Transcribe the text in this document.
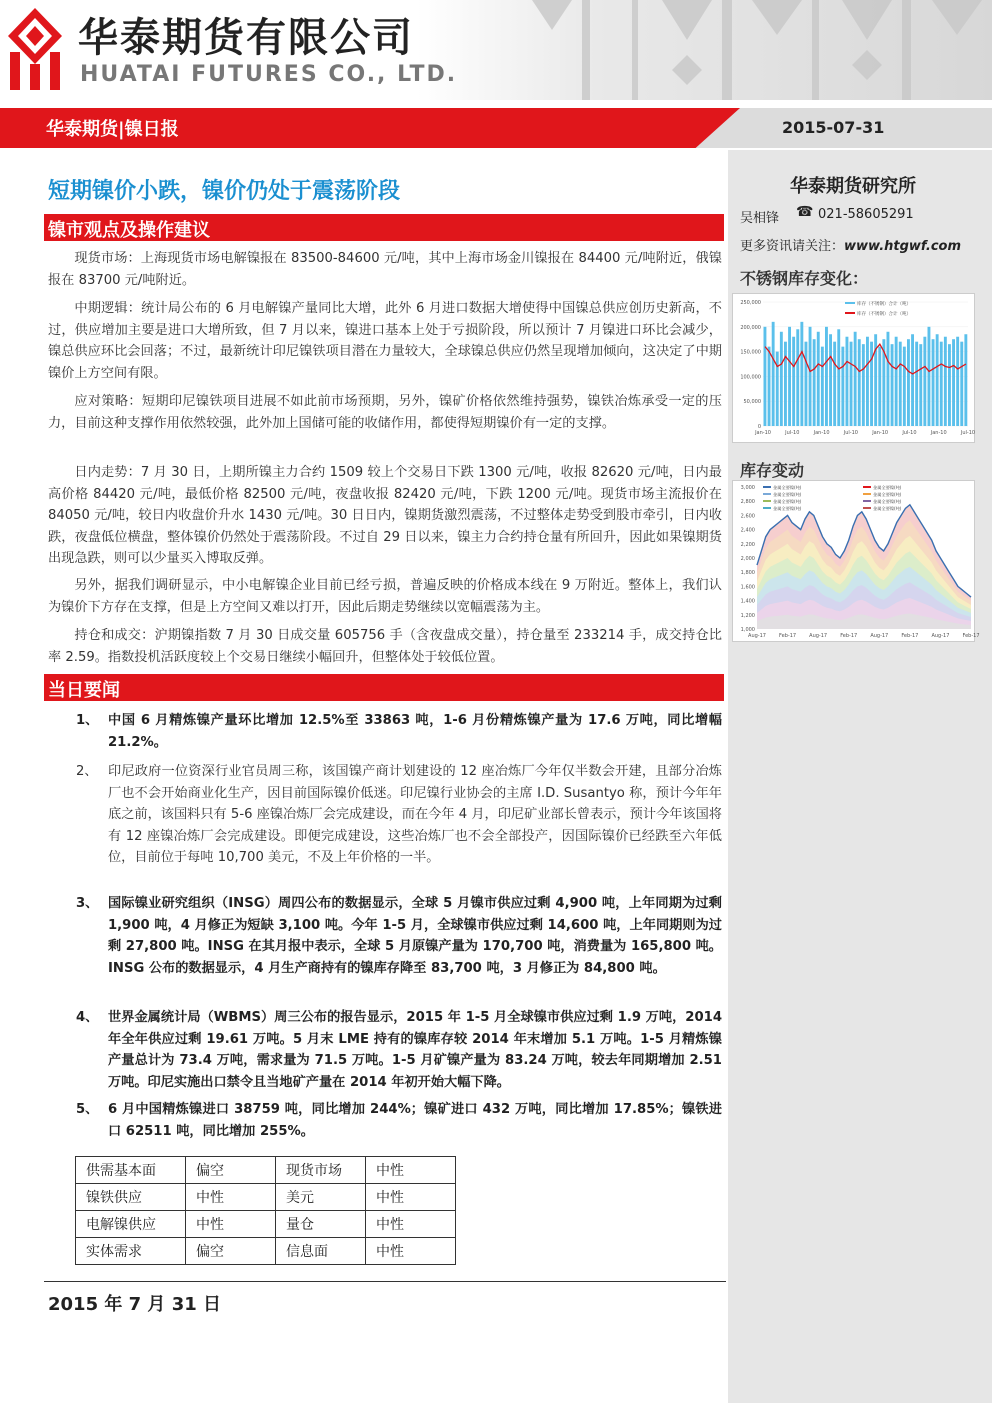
华泰期货有限公司
HUATAI FUTURES CO., LTD.
华泰期货|镍日报	2015-07-31
华泰期货研究所
吴相锋 ☎ 021-58605291
更多资讯请关注：www.htgwf.com
不锈钢库存变化：
250,000
200,000
150,000
100,000
50,000
0
Jan-10	Jul-10	Jan-10	Jul-10	Jan-10	Jul-10	Jan-10	Jul-10
库存（不锈钢）合计（吨）
库存（不锈钢）合计（吨）
库存变动
3,000
2,800
2,600
2,400
2,200
2,000
1,800
1,600
1,400
1,200
1,000
Aug-17	Feb-17	Aug-17	Feb-17	Aug-17	Feb-17	Aug-17	Feb-17
金属全要镍(吨)	金属全要镍(吨)
金属全要镍(吨)	金属全要镍(吨)
金属全要镍(吨)	金属全要镍(吨)
金属全要镍(吨)	金属全要镍(吨)
短期镍价小跌，镍价仍处于震荡阶段
镍市观点及操作建议
现货市场：上海现货市场电解镍报在 83500-84600 元/吨，其中上海市场金川镍报在 84400 元/吨附近，俄镍报在 83700 元/吨附近。
中期逻辑：统计局公布的 6 月电解镍产量同比大增，此外 6 月进口数据大增使得中国镍总供应创历史新高，不过，供应增加主要是进口大增所致，但 7 月以来，镍进口基本上处于亏损阶段，所以预计 7 月镍进口环比会减少，镍总供应环比会回落；不过，最新统计印尼镍铁项目潜在力量较大，全球镍总供应仍然呈现增加倾向，这决定了中期镍价上方空间有限。
应对策略：短期印尼镍铁项目进展不如此前市场预期，另外，镍矿价格依然维持强势，镍铁冶炼承受一定的压力，目前这种支撑作用依然较强，此外加上国储可能的收储作用，都使得短期镍价有一定的支撑。
日内走势：7 月 30 日，上期所镍主力合约 1509 较上个交易日下跌 1300 元/吨，收报 82620 元/吨，日内最高价格 84420 元/吨，最低价格 82500 元/吨，夜盘收报 82420 元/吨，下跌 1200 元/吨。现货市场主流报价在 84050 元/吨，较日内收盘价升水 1430 元/吨。30 日日内，镍期货激烈震荡，不过整体走势受到股市牵引，日内收跌，夜盘低位横盘，整体镍价仍然处于震荡阶段。不过自 29 日以来，镍主力合约持仓量有所回升，因此如果镍期货出现急跌，则可以少量买入博取反弹。
另外，据我们调研显示，中小电解镍企业目前已经亏损，普遍反映的价格成本线在 9 万附近。整体上，我们认为镍价下方存在支撑，但是上方空间又难以打开，因此后期走势继续以宽幅震荡为主。
持仓和成交：沪期镍指数 7 月 30 日成交量 605756 手（含夜盘成交量），持仓量至 233214 手，成交持仓比率 2.59。指数投机活跃度较上个交易日继续小幅回升，但整体处于较低位置。
当日要闻
1、 中国 6 月精炼镍产量环比增加 12.5%至 33863 吨，1-6 月份精炼镍产量为 17.6 万吨，同比增幅 21.2%。
2、 印尼政府一位资深行业官员周三称，该国镍产商计划建设的 12 座冶炼厂今年仅半数会开建，且部分冶炼厂也不会开始商业化生产，因目前国际镍价低迷。印尼镍行业协会的主席 I.D. Susantyo 称，预计今年年底之前，该国料只有 5-6 座镍冶炼厂会完成建设，而在今年 4 月，印尼矿业部长曾表示，预计今年该国将有 12 座镍冶炼厂会完成建设。即便完成建设，这些冶炼厂也不会全部投产，因国际镍价已经跌至六年低位，目前位于每吨 10,700 美元，不及上年价格的一半。
3、 国际镍业研究组织（INSG）周四公布的数据显示，全球 5 月镍市供应过剩 4,900 吨，上年同期为过剩 1,900 吨，4 月修正为短缺 3,100 吨。今年 1-5 月，全球镍市供应过剩 14,600 吨，上年同期则为过剩 27,800 吨。INSG 在其月报中表示，全球 5 月原镍产量为 170,700 吨，消费量为 165,800 吨。INSG 公布的数据显示，4 月生产商持有的镍库存降至 83,700 吨，3 月修正为 84,800 吨。
4、 世界金属统计局（WBMS）周三公布的报告显示，2015 年 1-5 月全球镍市供应过剩 1.9 万吨，2014 年全年供应过剩 19.61 万吨。5 月末 LME 持有的镍库存较 2014 年末增加 5.1 万吨。1-5 月精炼镍产量总计为 73.4 万吨，需求量为 71.5 万吨。1-5 月矿镍产量为 83.24 万吨，较去年同期增加 2.51 万吨。印尼实施出口禁令且当地矿产量在 2014 年初开始大幅下降。
5、 6 月中国精炼镍进口 38759 吨，同比增加 244%；镍矿进口 432 万吨，同比增加 17.85%；镍铁进口 62511 吨，同比增加 255%。
供需基本面	偏空	现货市场	中性
镍铁供应	中性	美元	中性
电解镍供应	中性	量仓	中性
实体需求	偏空	信息面	中性
2015 年 7 月 31 日
